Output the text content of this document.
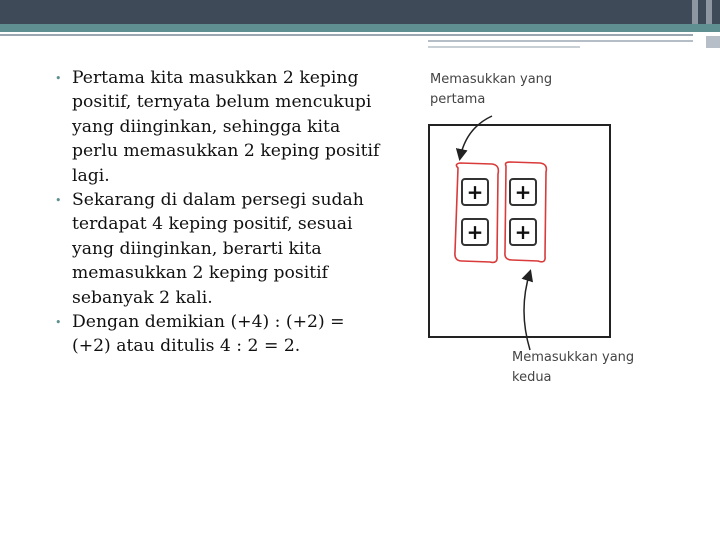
• Pertama kita masukkan 2 keping positif, ternyata belum mencukupi yang diinginkan, sehingga kita perlu memasukkan 2 keping positif lagi.
• Sekarang di dalam persegi sudah terdapat 4 keping positif, sesuai yang diinginkan, berarti kita memasukkan 2 keping positif sebanyak 2 kali.
• Dengan demikian (+4) : (+2) = (+2) atau ditulis 4 : 2 = 2.
Memasukkan yang
pertama
+ +
+ +
Memasukkan yang
kedua
